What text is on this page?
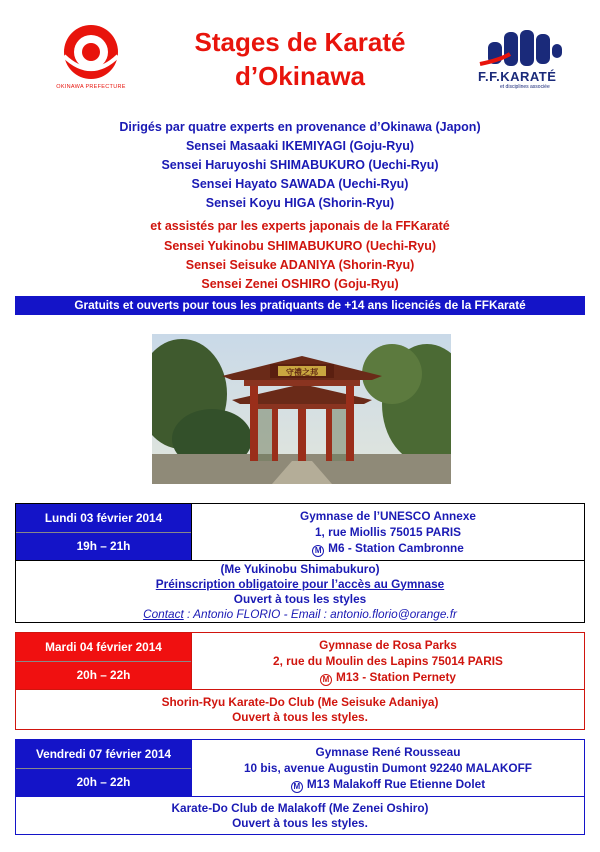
OKINAWA PREFECTURE
Stages de Karaté
d’Okinawa	F.F.KARATÉ
et disciplines associée
Dirigés par quatre experts en provenance d’Okinawa (Japon)
Sensei Masaaki IKEMIYAGI (Goju-Ryu)
Sensei Haruyoshi SHIMABUKURO (Uechi-Ryu)
Sensei Hayato SAWADA (Uechi-Ryu)
Sensei Koyu HIGA (Shorin-Ryu)
et assistés par les experts japonais de la FFKaraté
Sensei Yukinobu SHIMABUKURO (Uechi-Ryu)
Sensei Seisuke ADANIYA (Shorin-Ryu)
Sensei Zenei OSHIRO (Goju-Ryu)
Gratuits et ouverts pour tous les pratiquants de +14 ans licenciés de la FFKaraté
守禮之邦
Lundi 03 février 2014
19h – 21h
Gymnase de l’UNESCO Annexe
1, rue Miollis 75015 PARIS
M M6 - Station Cambronne
(Me Yukinobu Shimabukuro)
Préinscription obligatoire pour l’accès au Gymnase
Ouvert à tous les styles
Contact : Antonio FLORIO - Email : antonio.florio@orange.fr
Mardi 04 février 2014
20h – 22h
Gymnase de Rosa Parks
2, rue du Moulin des Lapins 75014 PARIS
M M13 - Station Pernety
Shorin-Ryu Karate-Do Club (Me Seisuke Adaniya)
Ouvert à tous les styles.
Vendredi 07 février 2014
20h – 22h
Gymnase René Rousseau
10 bis, avenue Augustin Dumont 92240 MALAKOFF
M M13 Malakoff Rue Etienne Dolet
Karate-Do Club de Malakoff (Me Zenei Oshiro)
Ouvert à tous les styles.
